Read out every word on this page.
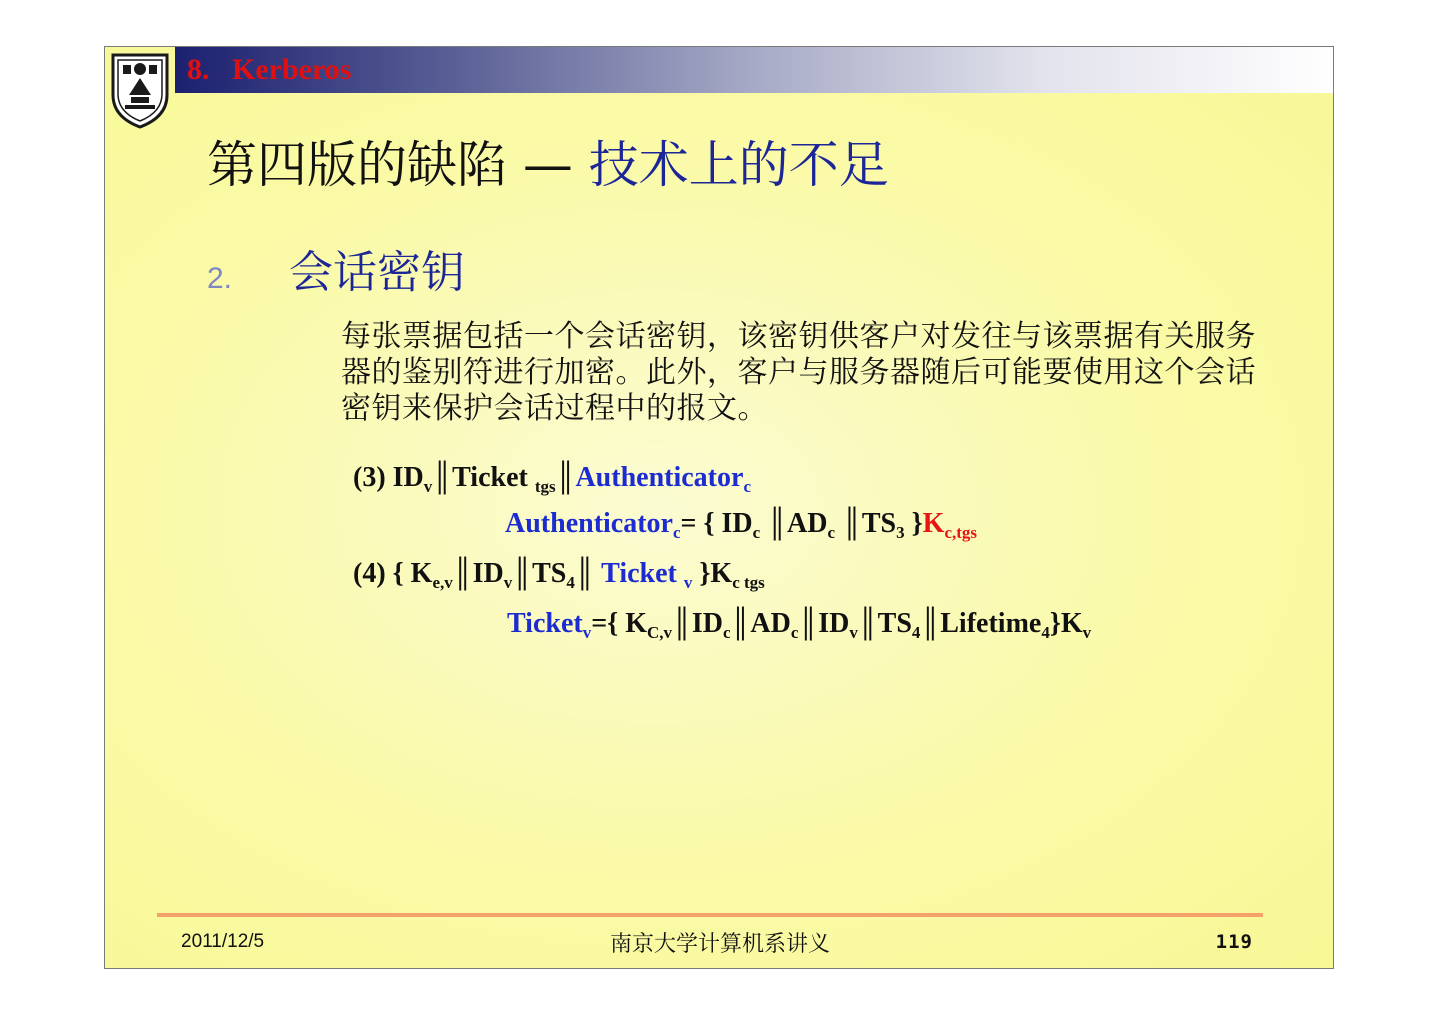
8.   Kerberos
第四版的缺陷 — 技术上的不足
2. 会话密钥
每张票据包括一个会话密钥，该密钥供客户对发往与该票据有关服务器的鉴别符进行加密。此外，客户与服务器随后可能要使用这个会话密钥来保护会话过程中的报文。
(3) $ID_v║Ticket$ $_{tgs}$║Authenticator$_c$
Authenticator$_c$= { $ID_c$ $║AD_c$ $║TS_3$ }$K_{c,tgs}$
(4) { $K_{e,v}║ID_v║TS_4║$ Ticket $_v$ }$K_{c tgs}$
Ticket$_v$={ $K_{C,v}║ID_c║AD_c║ID_v║TS_4║Lifetime_4\}K_v$
2011/12/5	南京大学计算机系讲义	119
